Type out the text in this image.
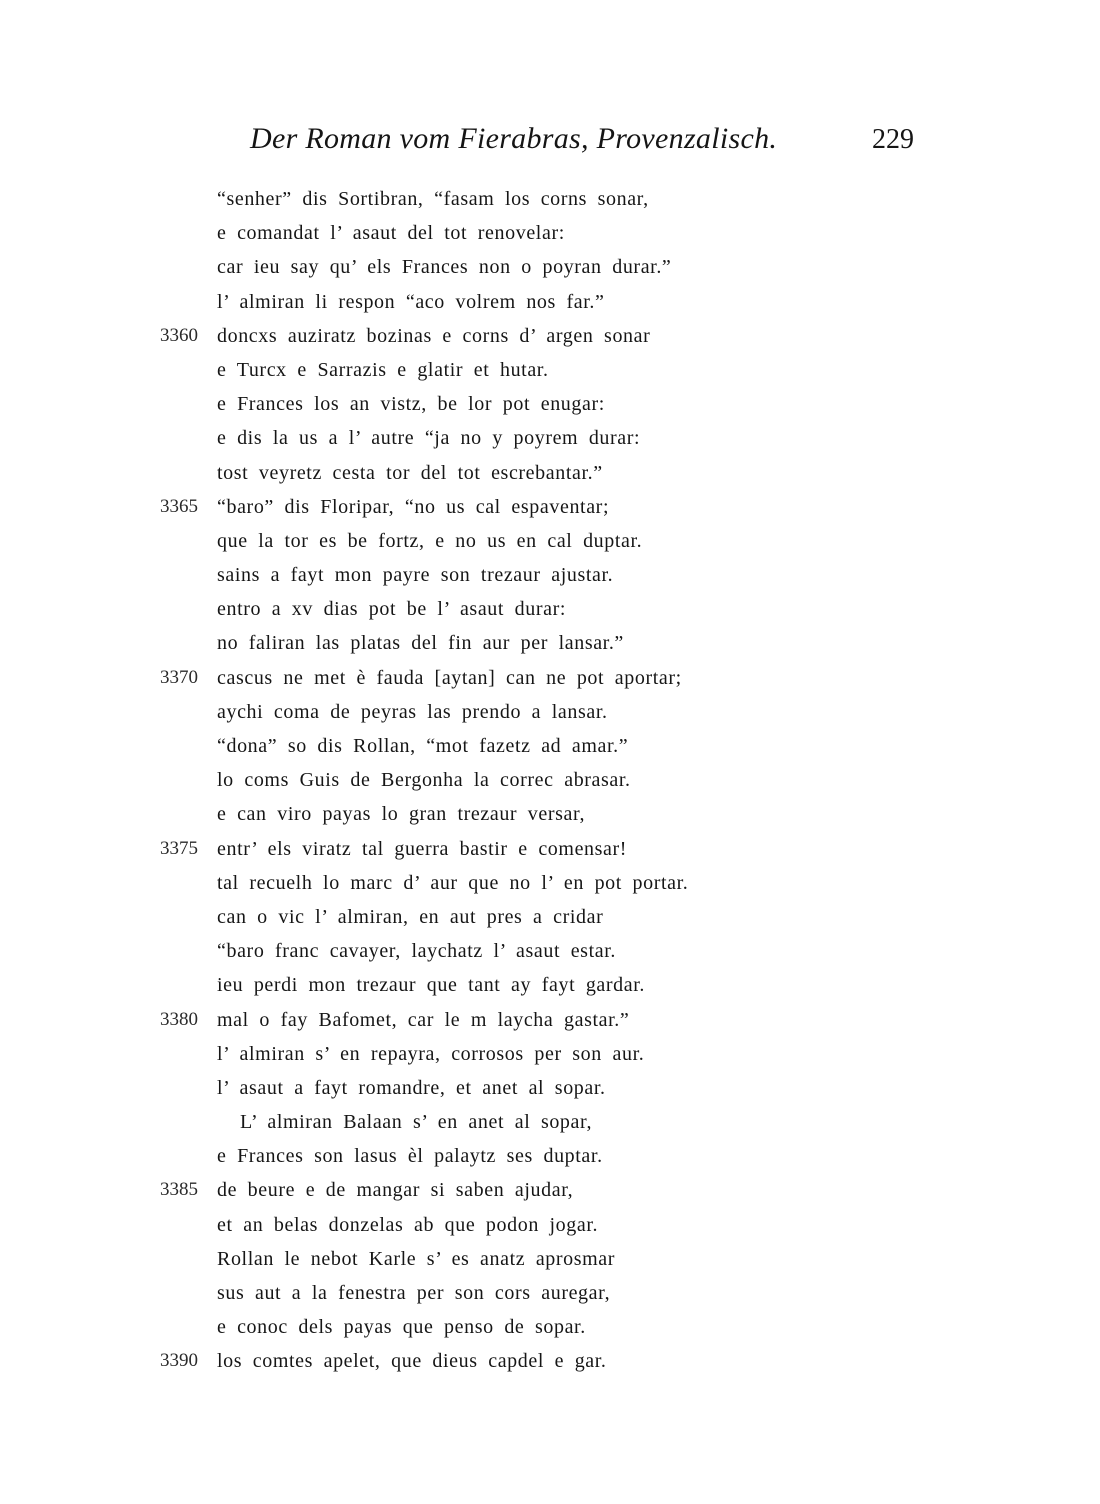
Der Roman vom Fierabras, Provenzalisch.	229
“senher” dis Sortibran, “fasam los corns sonar,
e comandat l’ asaut del tot renovelar:
car ieu say qu’ els Frances non o poyran durar.”
l’ almiran li respon “aco volrem nos far.”
3360 doncxs auziratz bozinas e corns d’ argen sonar
e Turcx e Sarrazis e glatir et hutar.
e Frances los an vistz, be lor pot enugar:
e dis la us a l’ autre “ja no y poyrem durar:
tost veyretz cesta tor del tot escrebantar.”
3365 “baro” dis Floripar, “no us cal espaventar;
que la tor es be fortz, e no us en cal duptar.
sains a fayt mon payre son trezaur ajustar.
entro a xv dias pot be l’ asaut durar:
no faliran las platas del fin aur per lansar.”
3370 cascus ne met è fauda [aytan] can ne pot aportar;
aychi coma de peyras las prendo a lansar.
“dona” so dis Rollan, “mot fazetz ad amar.”
lo coms Guis de Bergonha la correc abrasar.
e can viro payas lo gran trezaur versar,
3375 entr’ els viratz tal guerra bastir e comensar!
tal recuelh lo marc d’ aur que no l’ en pot portar.
can o vic l’ almiran, en aut pres a cridar
“baro franc cavayer, laychatz l’ asaut estar.
ieu perdi mon trezaur que tant ay fayt gardar.
3380 mal o fay Bafomet, car le m laycha gastar.”
l’ almiran s’ en repayra, corrosos per son aur.
l’ asaut a fayt romandre, et anet al sopar.
L’ almiran Balaan s’ en anet al sopar,
e Frances son lasus èl palaytz ses duptar.
3385 de beure e de mangar si saben ajudar,
et an belas donzelas ab que podon jogar.
Rollan le nebot Karle s’ es anatz aprosmar
sus aut a la fenestra per son cors auregar,
e conoc dels payas que penso de sopar.
3390 los comtes apelet, que dieus capdel e gar.
